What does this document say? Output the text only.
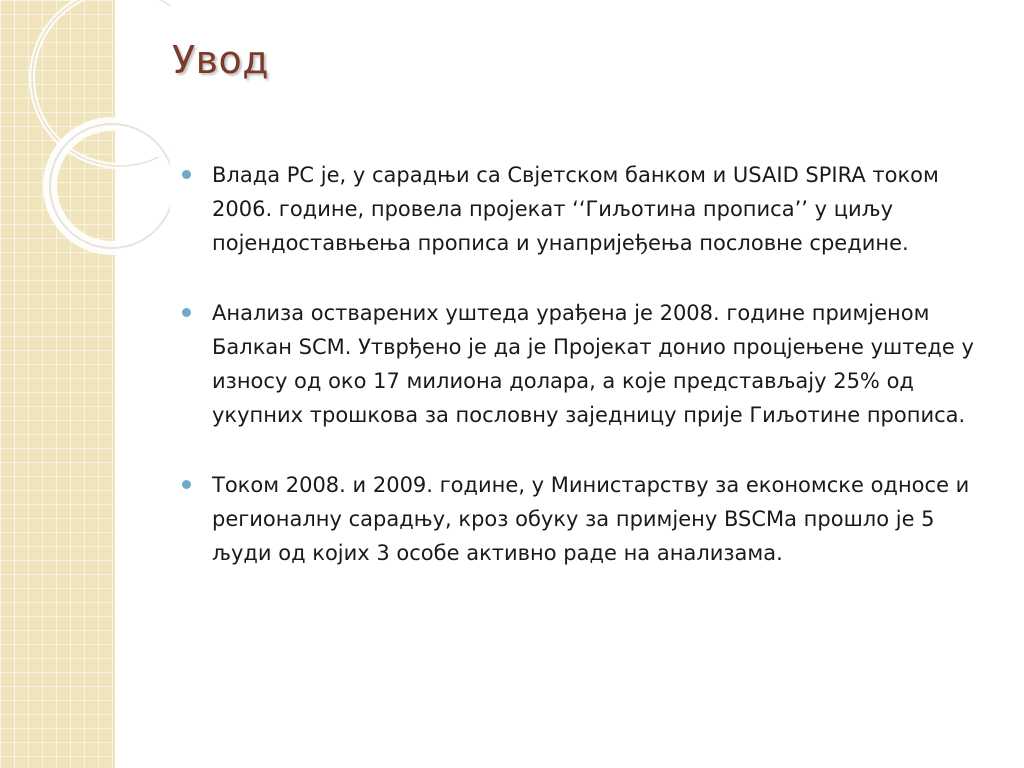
Увод
Влада РС је, у сарадњи са Свјетском банком и USAID SPIRA током 2006. године, провела пројекат ‘‘Гиљотина прописа’’ у циљу појендоставњења прописа и унапријеђења пословне средине.
Анализа остварених уштеда урађена је 2008. године примјеном Балкан SCM. Утврђено је да је Пројекат донио процјењене уштеде у износу од око 17 милиона долара, а које представљају 25% од укупних трошкова за пословну заједницу прије Гиљотине прописа.
Током 2008. и 2009. године, у Министарству за економске односе и регионалну сарадњу, кроз обуку за примјену BSCMа прошло је 5 људи од којих 3 особе активно раде на анализама.
